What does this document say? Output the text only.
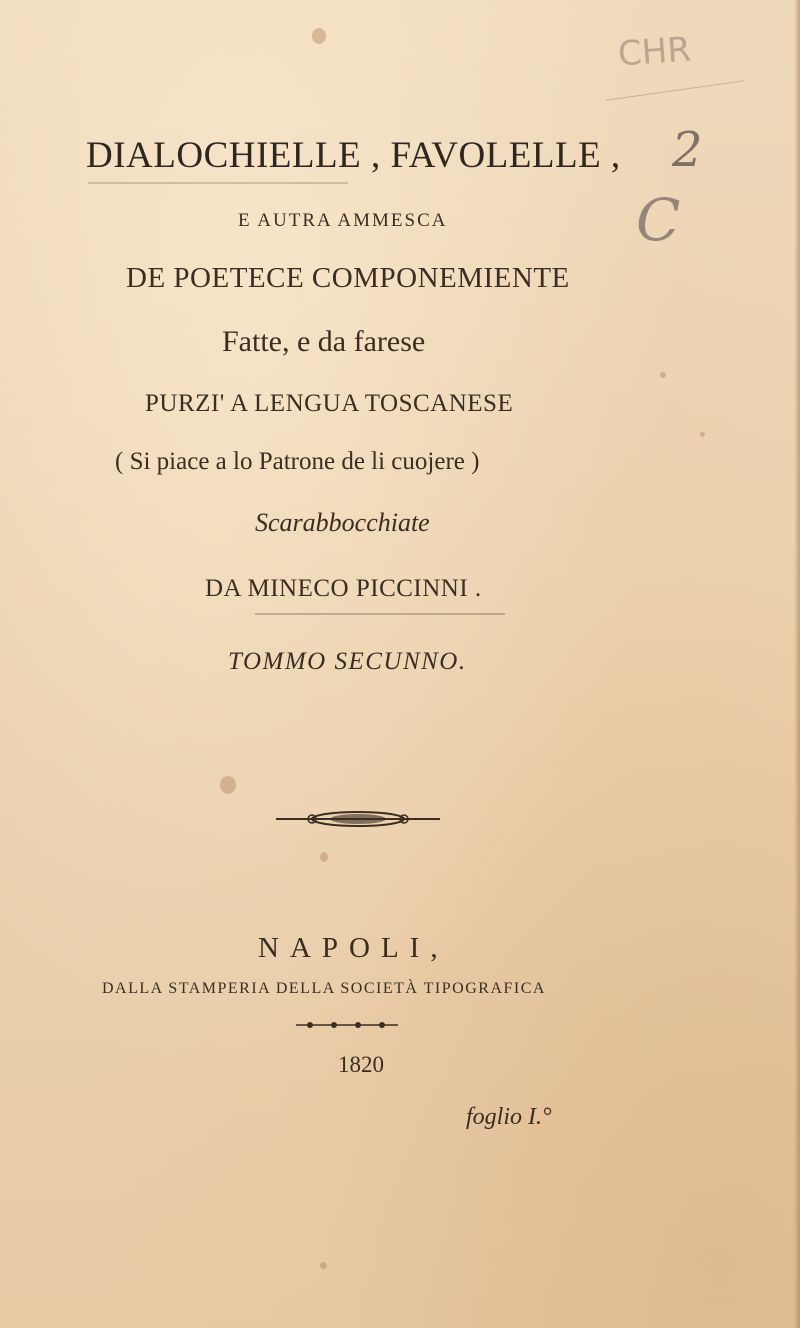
CHR
2
C
DIALOCHIELLE , FAVOLELLE ,
E AUTRA AMMESCA
DE POETECE COMPONEMIENTE
Fatte, e da farese
PURZI' A LENGUA TOSCANESE
( Si piace a lo Patrone de li cuojere )
Scarabbocchiate
DA MINECO PICCINNI .
TOMMO SECUNNO.
NAPOLI,
DALLA STAMPERIA DELLA SOCIETÀ TIPOGRAFICA
1820
foglio I.°
